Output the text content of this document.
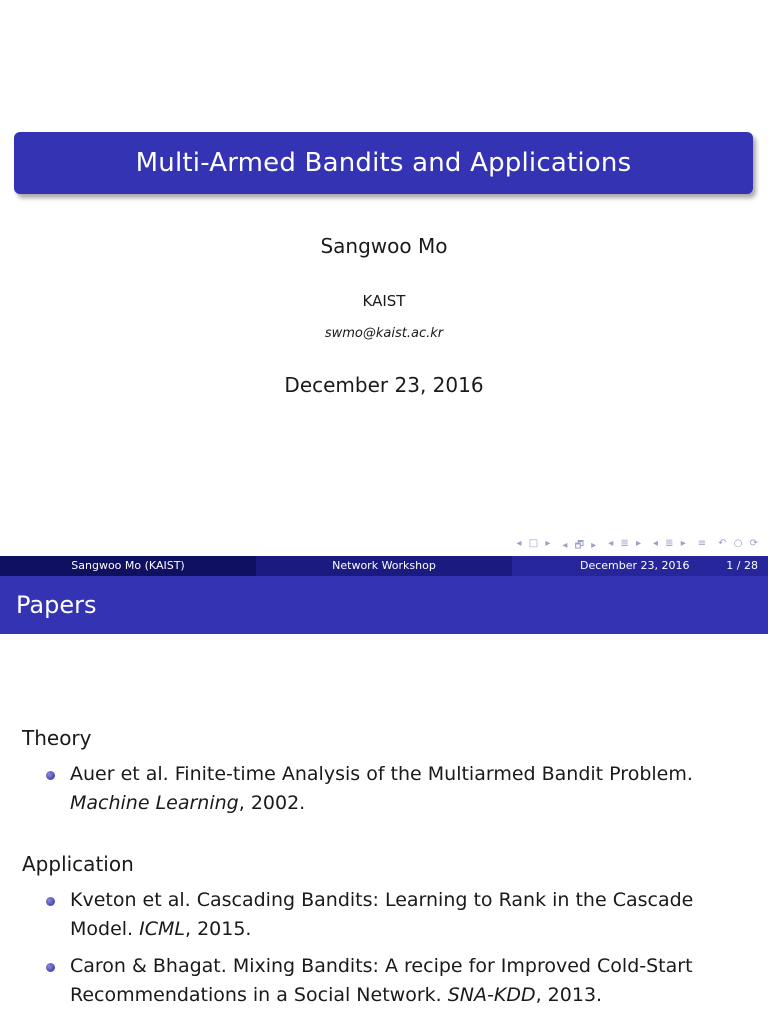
Multi-Armed Bandits and Applications
Sangwoo Mo
KAIST
swmo@kaist.ac.kr
December 23, 2016
◂ □ ▸ ◂ 🗗 ▸ ◂ ≣ ▸ ◂ ≣ ▸ ≡ ↶ ○ ⟳
Sangwoo Mo (KAIST)	Network Workshop	December 23, 2016	1 / 28
Papers
Theory
Auer et al. Finite-time Analysis of the Multiarmed Bandit Problem. Machine Learning, 2002.
Application
Kveton et al. Cascading Bandits: Learning to Rank in the Cascade Model. ICML, 2015.
Caron & Bhagat. Mixing Bandits: A recipe for Improved Cold-Start Recommendations in a Social Network. SNA-KDD, 2013.
